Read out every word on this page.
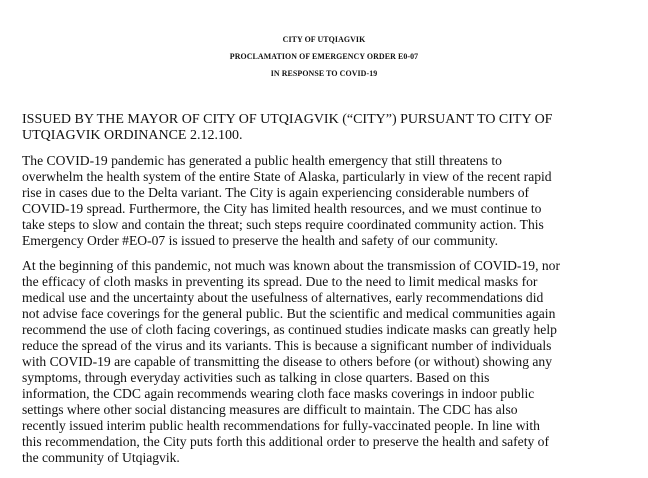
CITY OF UTQIAGVIK
PROCLAMATION OF EMERGENCY ORDER E0-07
IN RESPONSE TO COVID-19
ISSUED BY THE MAYOR OF CITY OF UTQIAGVIK (“CITY”) PURSUANT TO CITY OF
UTQIAGVIK ORDINANCE 2.12.100.
The COVID-19 pandemic has generated a public health emergency that still threatens to
overwhelm the health system of the entire State of Alaska, particularly in view of the recent rapid
rise in cases due to the Delta variant. The City is again experiencing considerable numbers of
COVID-19 spread. Furthermore, the City has limited health resources, and we must continue to
take steps to slow and contain the threat; such steps require coordinated community action. This
Emergency Order #EO-07 is issued to preserve the health and safety of our community.
At the beginning of this pandemic, not much was known about the transmission of COVID-19, nor
the efficacy of cloth masks in preventing its spread. Due to the need to limit medical masks for
medical use and the uncertainty about the usefulness of alternatives, early recommendations did
not advise face coverings for the general public. But the scientific and medical communities again
recommend the use of cloth facing coverings, as continued studies indicate masks can greatly help
reduce the spread of the virus and its variants. This is because a significant number of individuals
with COVID-19 are capable of transmitting the disease to others before (or without) showing any
symptoms, through everyday activities such as talking in close quarters. Based on this
information, the CDC again recommends wearing cloth face masks coverings in indoor public
settings where other social distancing measures are difficult to maintain. The CDC has also
recently issued interim public health recommendations for fully-vaccinated people. In line with
this recommendation, the City puts forth this additional order to preserve the health and safety of
the community of Utqiagvik.
